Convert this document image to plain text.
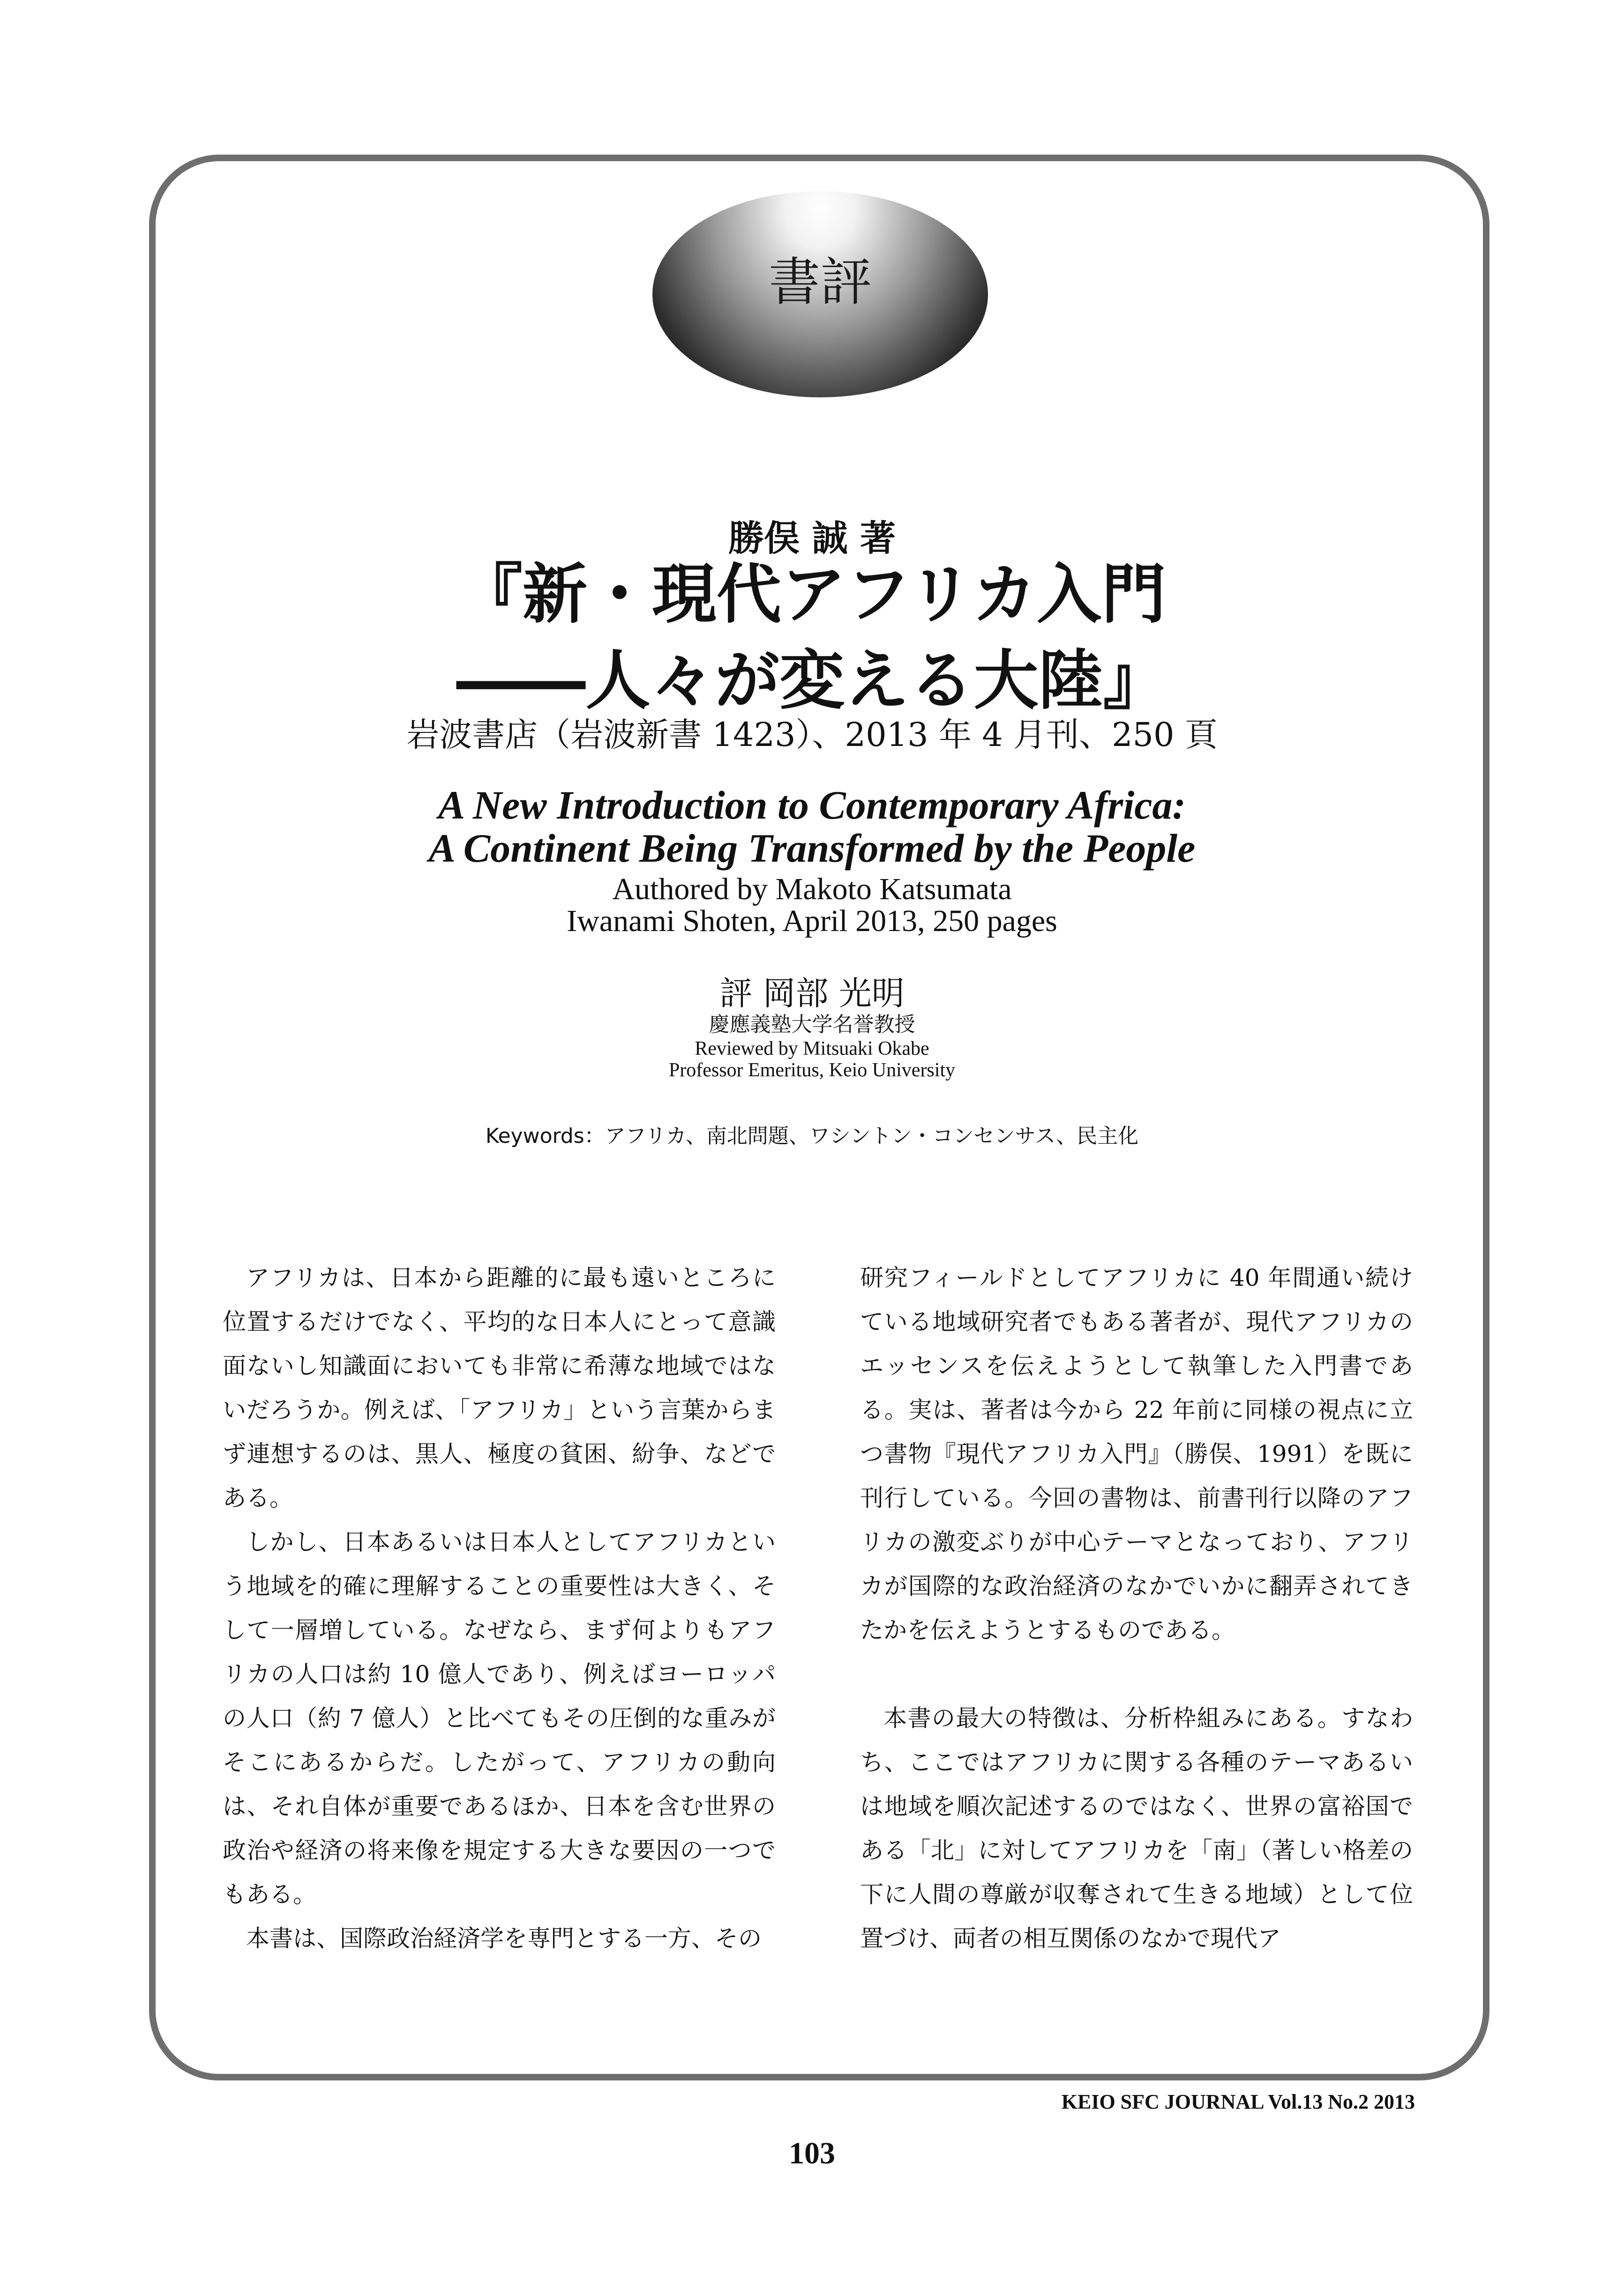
書評
勝俣 誠 著
『新・現代アフリカ入門
――人々が変える大陸』
岩波書店（岩波新書 1423）、2013 年 4 月刊、250 頁
A New Introduction to Contemporary Africa:
A Continent Being Transformed by the People
Authored by Makoto Katsumata
Iwanami Shoten, April 2013, 250 pages
評 岡部 光明
慶應義塾大学名誉教授
Reviewed by Mitsuaki Okabe
Professor Emeritus, Keio University
Keywords：アフリカ、南北問題、ワシントン・コンセンサス、民主化

アフリカは、日本から距離的に最も遠いところに位置するだけでなく、平均的な日本人にとって意識面ないし知識面においても非常に希薄な地域ではないだろうか。例えば、「アフリカ」という言葉からまず連想するのは、黒人、極度の貧困、紛争、などである。

しかし、日本あるいは日本人としてアフリカという地域を的確に理解することの重要性は大きく、そして一層増している。なぜなら、まず何よりもアフリカの人口は約 10 億人であり、例えばヨーロッパの人口（約 7 億人）と比べてもその圧倒的な重みがそこにあるからだ。したがって、アフリカの動向は、それ自体が重要であるほか、日本を含む世界の政治や経済の将来像を規定する大きな要因の一つでもある。

本書は、国際政治経済学を専門とする一方、その

研究フィールドとしてアフリカに 40 年間通い続けている地域研究者でもある著者が、現代アフリカのエッセンスを伝えようとして執筆した入門書である。実は、著者は今から 22 年前に同様の視点に立つ書物『現代アフリカ入門』（勝俣、1991）を既に刊行している。今回の書物は、前書刊行以降のアフリカの激変ぶりが中心テーマとなっており、アフリカが国際的な政治経済のなかでいかに翻弄されてきたかを伝えようとするものである。

本書の最大の特徴は、分析枠組みにある。すなわち、ここではアフリカに関する各種のテーマあるいは地域を順次記述するのではなく、世界の富裕国である「北」に対してアフリカを「南」（著しい格差の下に人間の尊厳が収奪されて生きる地域）として位置づけ、両者の相互関係のなかで現代ア

KEIO SFC JOURNAL Vol.13 No.2 2013
103
